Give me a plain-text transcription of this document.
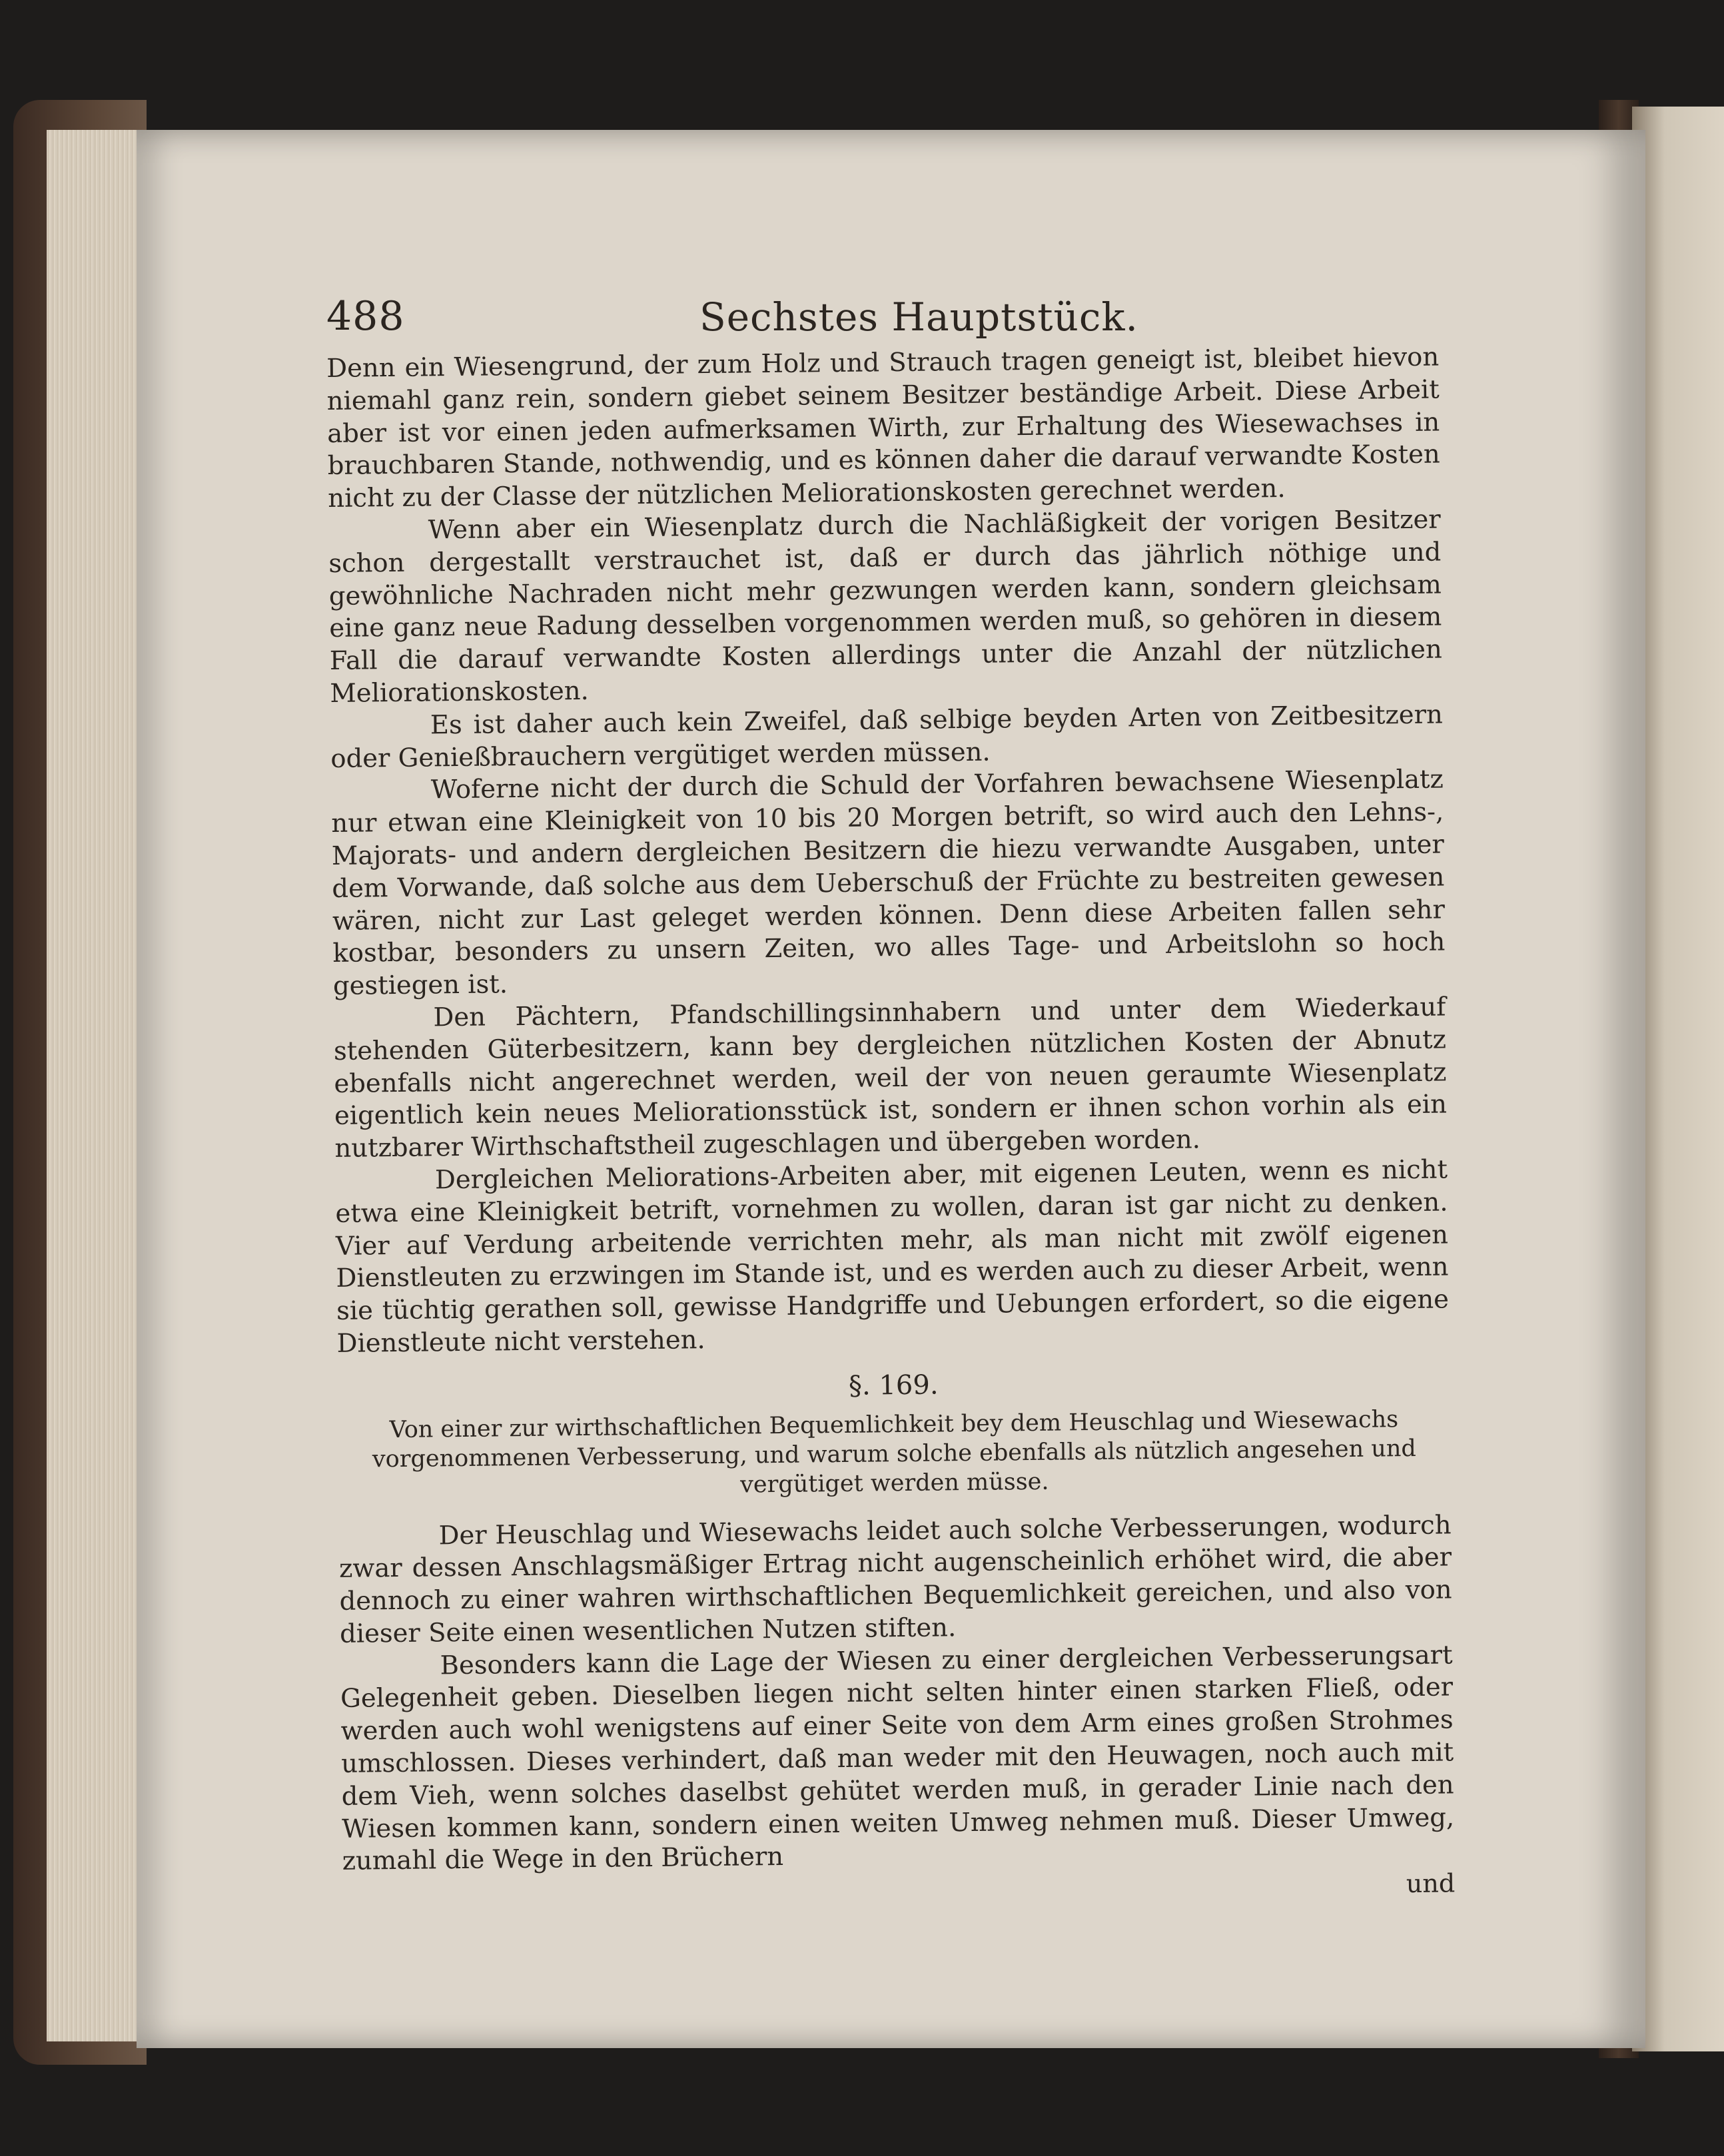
488	Sechstes Hauptstück.

Denn ein Wiesengrund, der zum Holz und Strauch tragen geneigt ist, bleibet hievon niemahl ganz rein, sondern giebet seinem Besitzer beständige Arbeit. Diese Arbeit aber ist vor einen jeden aufmerksamen Wirth, zur Erhaltung des Wiesewachses in brauchbaren Stande, nothwendig, und es können daher die darauf verwandte Kosten nicht zu der Classe der nützlichen Meliorationskosten gerechnet werden.

Wenn aber ein Wiesenplatz durch die Nachläßigkeit der vorigen Besitzer schon dergestallt verstrauchet ist, daß er durch das jährlich nöthige und gewöhnliche Nachraden nicht mehr gezwungen werden kann, sondern gleichsam eine ganz neue Radung desselben vorgenommen werden muß, so gehören in diesem Fall die darauf verwandte Kosten allerdings unter die Anzahl der nützlichen Meliorationskosten.

Es ist daher auch kein Zweifel, daß selbige beyden Arten von Zeitbesitzern oder Genießbrauchern vergütiget werden müssen.

Woferne nicht der durch die Schuld der Vorfahren bewachsene Wiesenplatz nur etwan eine Kleinigkeit von 10 bis 20 Morgen betrift, so wird auch den Lehns-, Majorats- und andern dergleichen Besitzern die hiezu verwandte Ausgaben, unter dem Vorwande, daß solche aus dem Ueberschuß der Früchte zu bestreiten gewesen wären, nicht zur Last geleget werden können. Denn diese Arbeiten fallen sehr kostbar, besonders zu unsern Zeiten, wo alles Tage- und Arbeitslohn so hoch gestiegen ist.

Den Pächtern, Pfandschillingsinnhabern und unter dem Wiederkauf stehenden Güterbesitzern, kann bey dergleichen nützlichen Kosten der Abnutz ebenfalls nicht angerechnet werden, weil der von neuen geraumte Wiesenplatz eigentlich kein neues Meliorationsstück ist, sondern er ihnen schon vorhin als ein nutzbarer Wirthschaftstheil zugeschlagen und übergeben worden.

Dergleichen Meliorations-Arbeiten aber, mit eigenen Leuten, wenn es nicht etwa eine Kleinigkeit betrift, vornehmen zu wollen, daran ist gar nicht zu denken. Vier auf Verdung arbeitende verrichten mehr, als man nicht mit zwölf eigenen Dienstleuten zu erzwingen im Stande ist, und es werden auch zu dieser Arbeit, wenn sie tüchtig gerathen soll, gewisse Handgriffe und Uebungen erfordert, so die eigene Dienstleute nicht verstehen.

§. 169.
Von einer zur wirthschaftlichen Bequemlichkeit bey dem Heuschlag und Wiesewachs vorgenommenen Verbesserung, und warum solche ebenfalls als nützlich angesehen und vergütiget werden müsse.

Der Heuschlag und Wiesewachs leidet auch solche Verbesserungen, wodurch zwar dessen Anschlagsmäßiger Ertrag nicht augenscheinlich erhöhet wird, die aber dennoch zu einer wahren wirthschaftlichen Bequemlichkeit gereichen, und also von dieser Seite einen wesentlichen Nutzen stiften.

Besonders kann die Lage der Wiesen zu einer dergleichen Verbesserungsart Gelegenheit geben. Dieselben liegen nicht selten hinter einen starken Fließ, oder werden auch wohl wenigstens auf einer Seite von dem Arm eines großen Strohmes umschlossen. Dieses verhindert, daß man weder mit den Heuwagen, noch auch mit dem Vieh, wenn solches daselbst gehütet werden muß, in gerader Linie nach den Wiesen kommen kann, sondern einen weiten Umweg nehmen muß. Dieser Umweg, zumahl die Wege in den Brüchern

und
